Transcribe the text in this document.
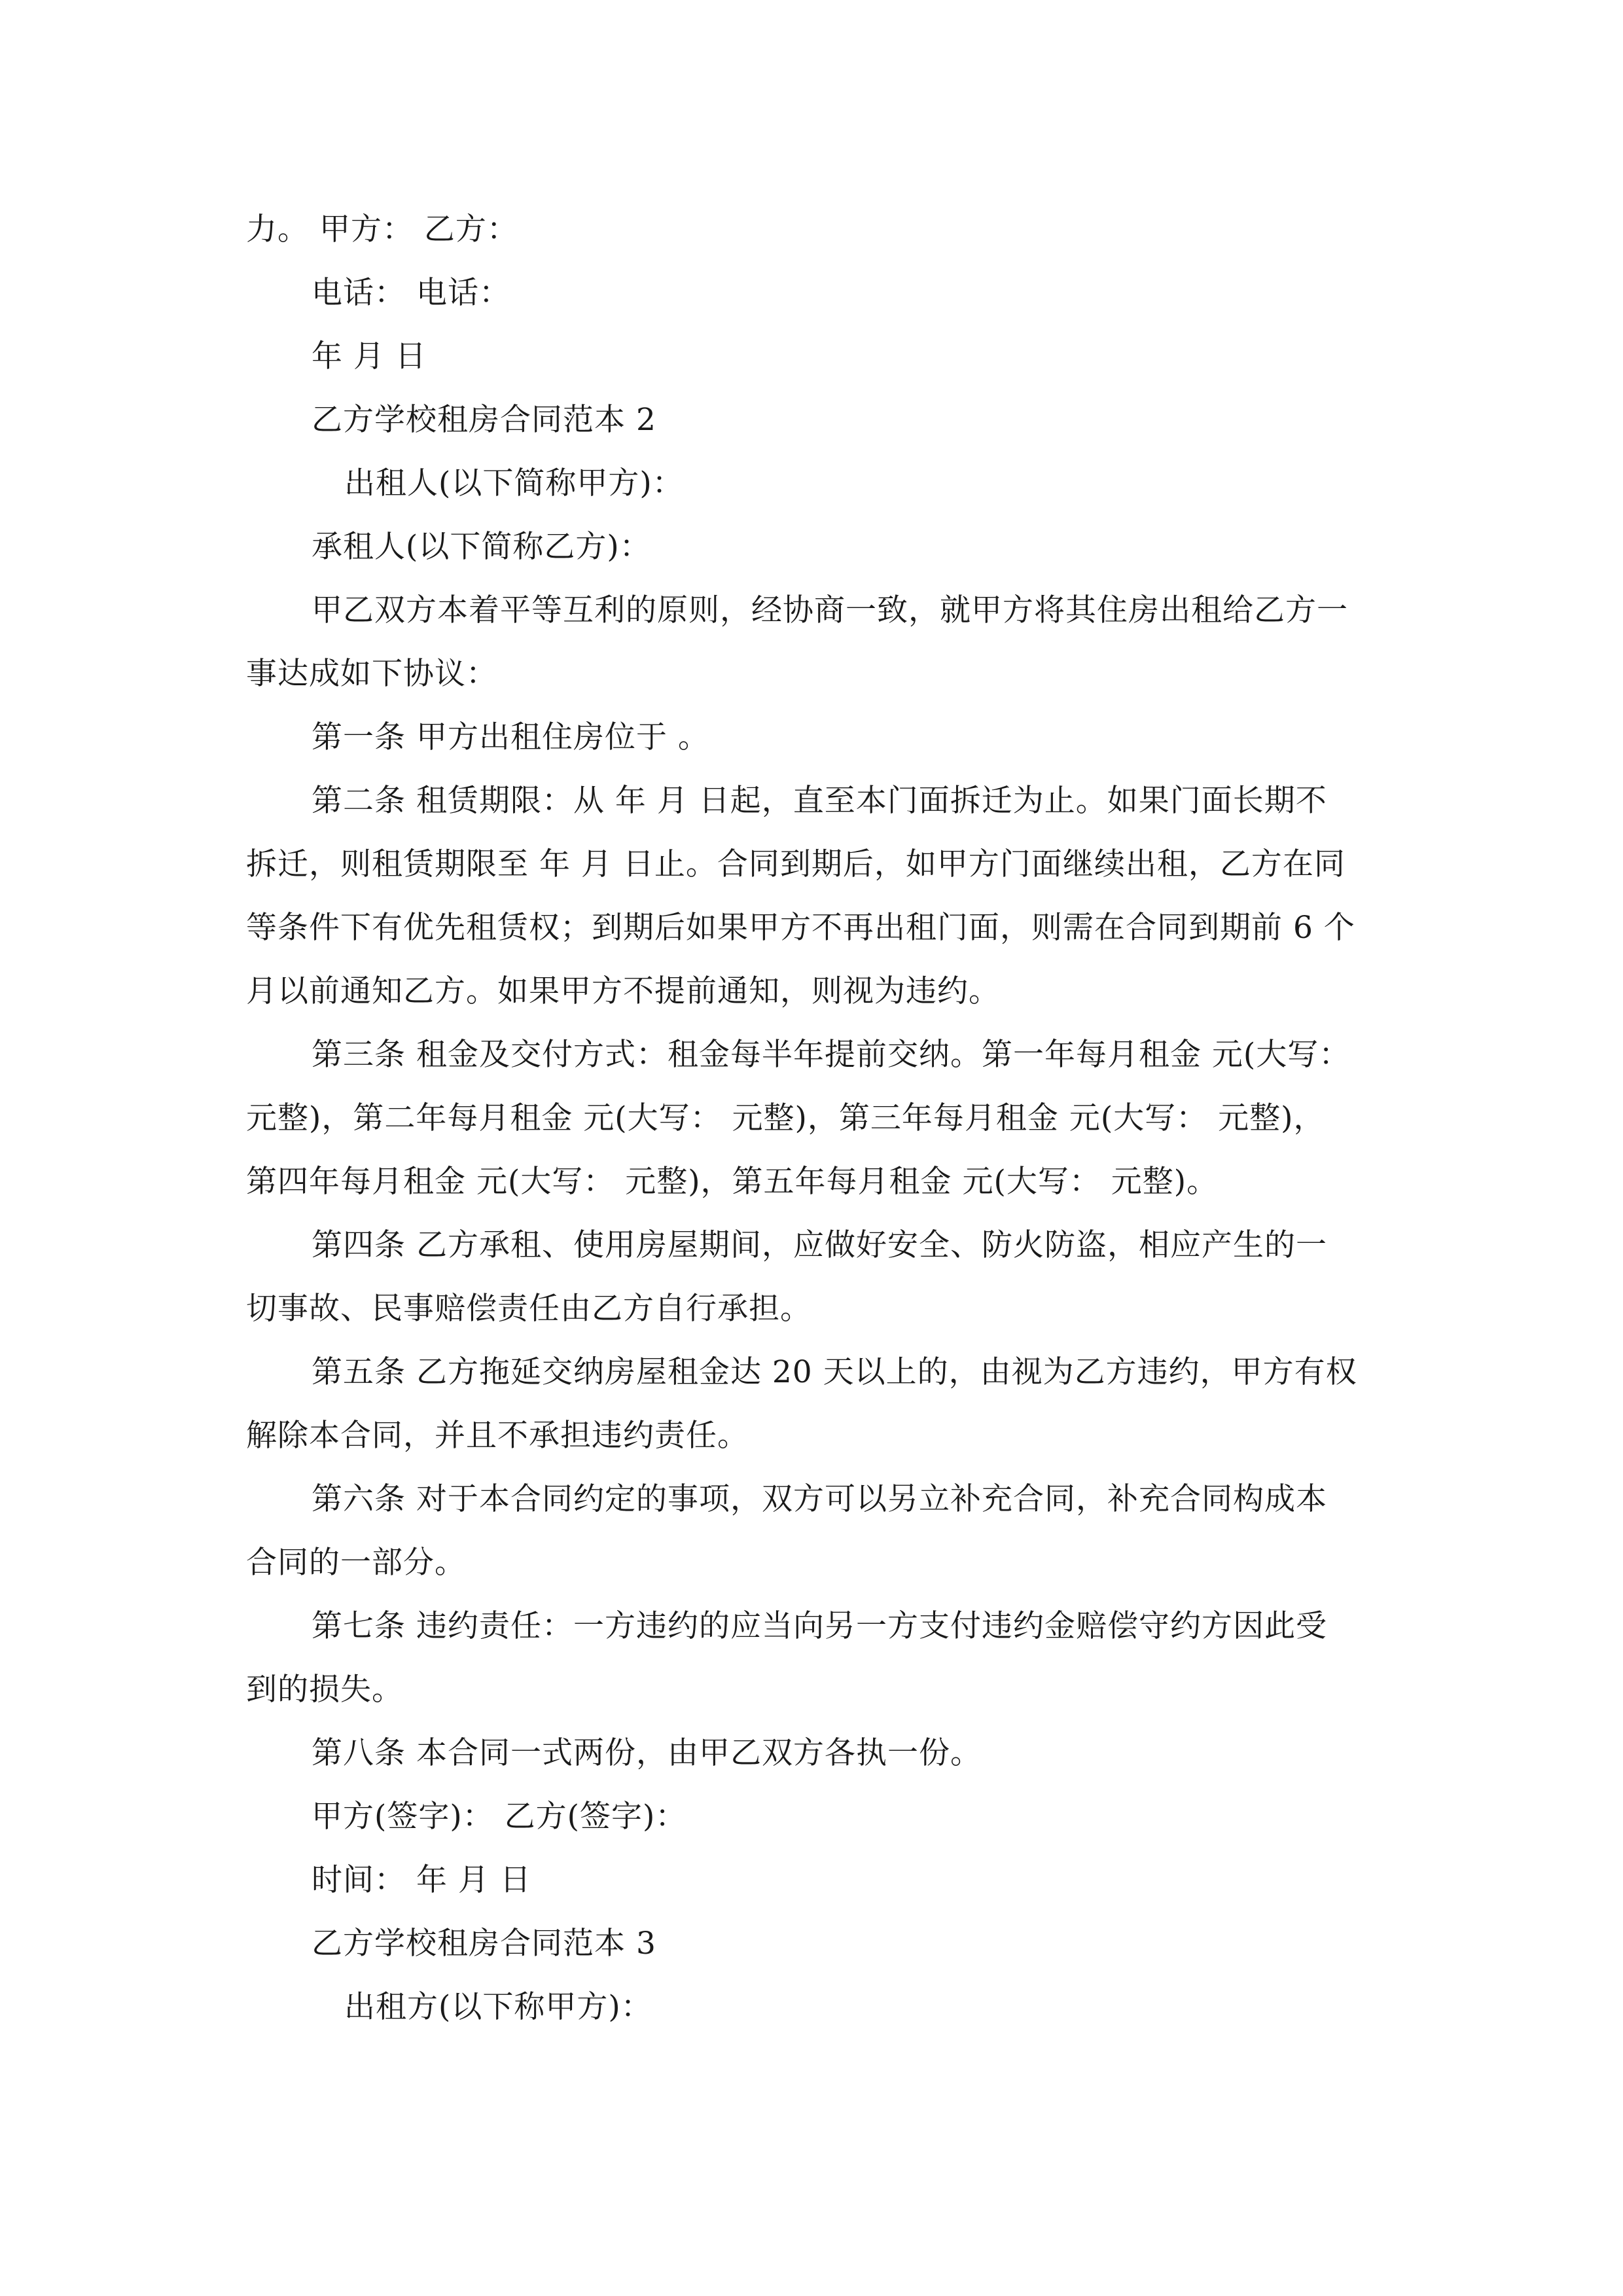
力。 甲方： 乙方：

电话： 电话：

年 月 日

乙方学校租房合同范本 2

出租人(以下简称甲方)：

承租人(以下简称乙方)：

甲乙双方本着平等互利的原则，经协商一致，就甲方将其住房出租给乙方一

事达成如下协议：

第一条 甲方出租住房位于 。

第二条 租赁期限：从 年 月 日起，直至本门面拆迁为止。如果门面长期不

拆迁，则租赁期限至 年 月 日止。合同到期后，如甲方门面继续出租，乙方在同

等条件下有优先租赁权；到期后如果甲方不再出租门面，则需在合同到期前 6 个

月以前通知乙方。如果甲方不提前通知，则视为违约。

第三条 租金及交付方式：租金每半年提前交纳。第一年每月租金 元(大写：

元整)，第二年每月租金 元(大写： 元整)，第三年每月租金 元(大写： 元整)，

第四年每月租金 元(大写： 元整)，第五年每月租金 元(大写： 元整)。

第四条 乙方承租、使用房屋期间，应做好安全、防火防盗，相应产生的一

切事故、民事赔偿责任由乙方自行承担。

第五条 乙方拖延交纳房屋租金达 20 天以上的，由视为乙方违约，甲方有权

解除本合同，并且不承担违约责任。

第六条 对于本合同约定的事项，双方可以另立补充合同，补充合同构成本

合同的一部分。

第七条 违约责任：一方违约的应当向另一方支付违约金赔偿守约方因此受

到的损失。

第八条 本合同一式两份，由甲乙双方各执一份。

甲方(签字)： 乙方(签字)：

时间： 年 月 日

乙方学校租房合同范本 3

出租方(以下称甲方)：
